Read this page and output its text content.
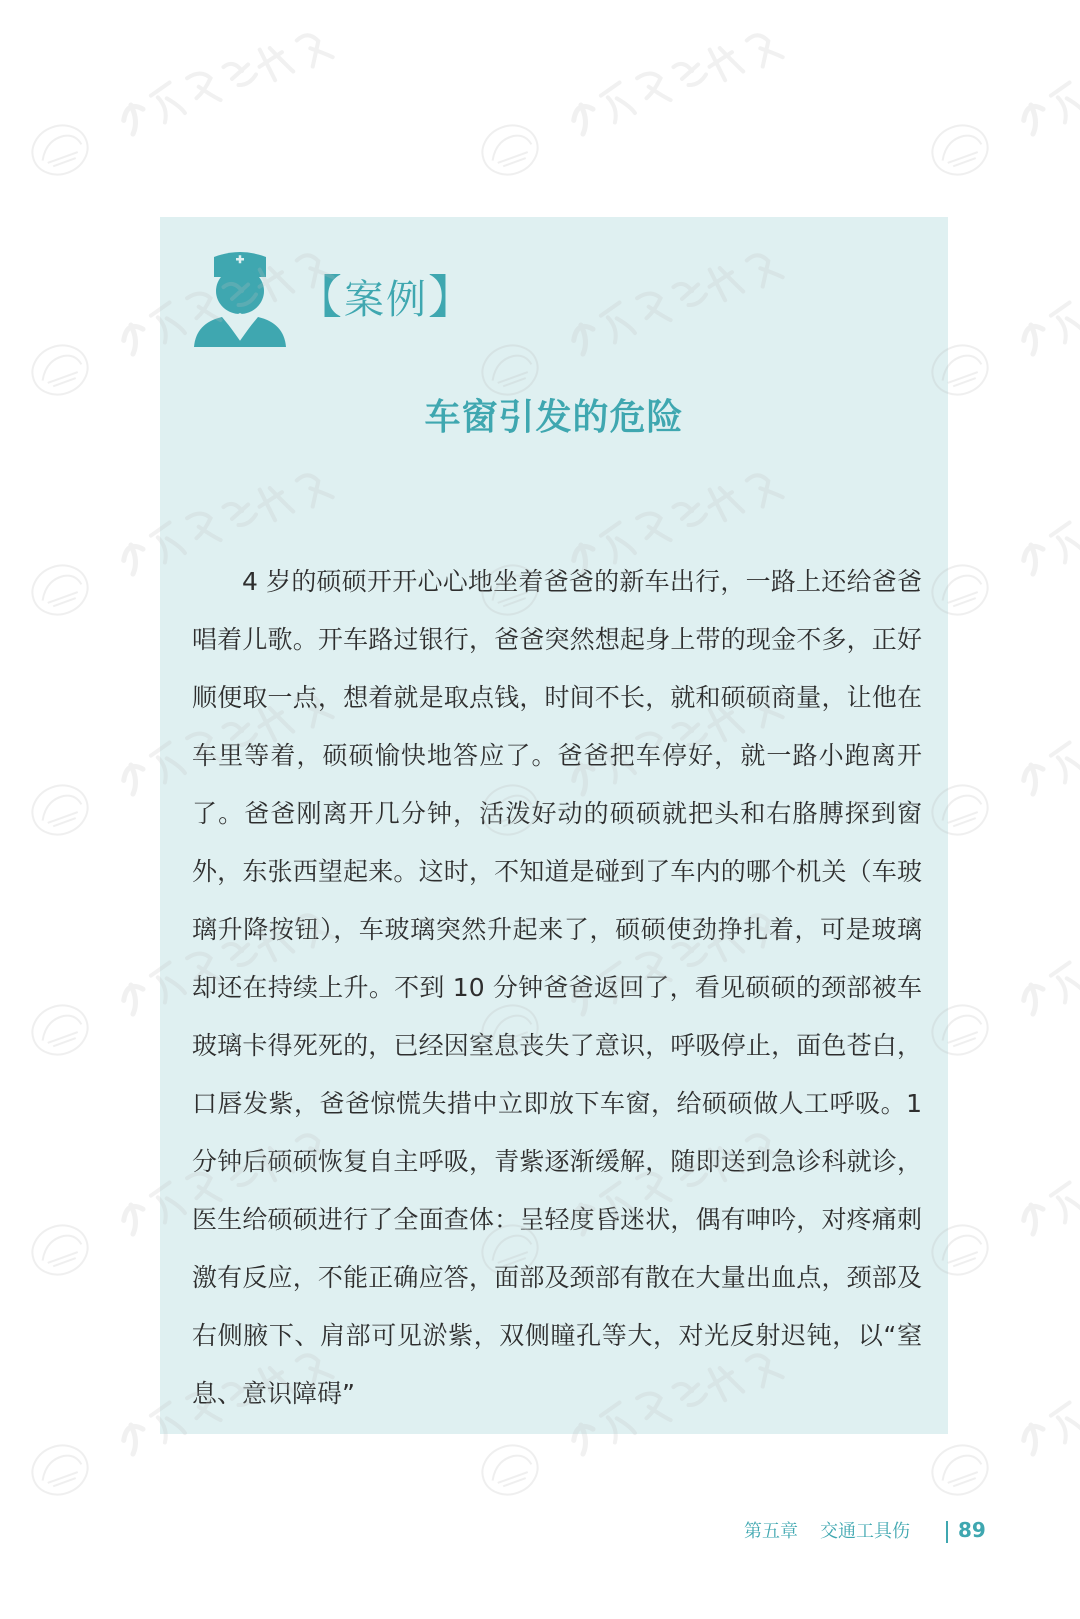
【案例】
车窗引发的危险

4 岁的硕硕开开心心地坐着爸爸的新车出行，一路上还给爸爸唱着儿歌。开车路过银行，爸爸突然想起身上带的现金不多，正好顺便取一点，想着就是取点钱，时间不长，就和硕硕商量，让他在车里等着，硕硕愉快地答应了。爸爸把车停好，就一路小跑离开了。爸爸刚离开几分钟，活泼好动的硕硕就把头和右胳膊探到窗外，东张西望起来。这时，不知道是碰到了车内的哪个机关（车玻璃升降按钮），车玻璃突然升起来了，硕硕使劲挣扎着，可是玻璃却还在持续上升。不到 10 分钟爸爸返回了，看见硕硕的颈部被车玻璃卡得死死的，已经因窒息丧失了意识，呼吸停止，面色苍白，口唇发紫，爸爸惊慌失措中立即放下车窗，给硕硕做人工呼吸。1 分钟后硕硕恢复自主呼吸，青紫逐渐缓解，随即送到急诊科就诊，医生给硕硕进行了全面查体：呈轻度昏迷状，偶有呻吟，对疼痛刺激有反应，不能正确应答，面部及颈部有散在大量出血点，颈部及右侧腋下、肩部可见淤紫，双侧瞳孔等大，对光反射迟钝，以“窒息、意识障碍”

第五章 交通工具伤 89
